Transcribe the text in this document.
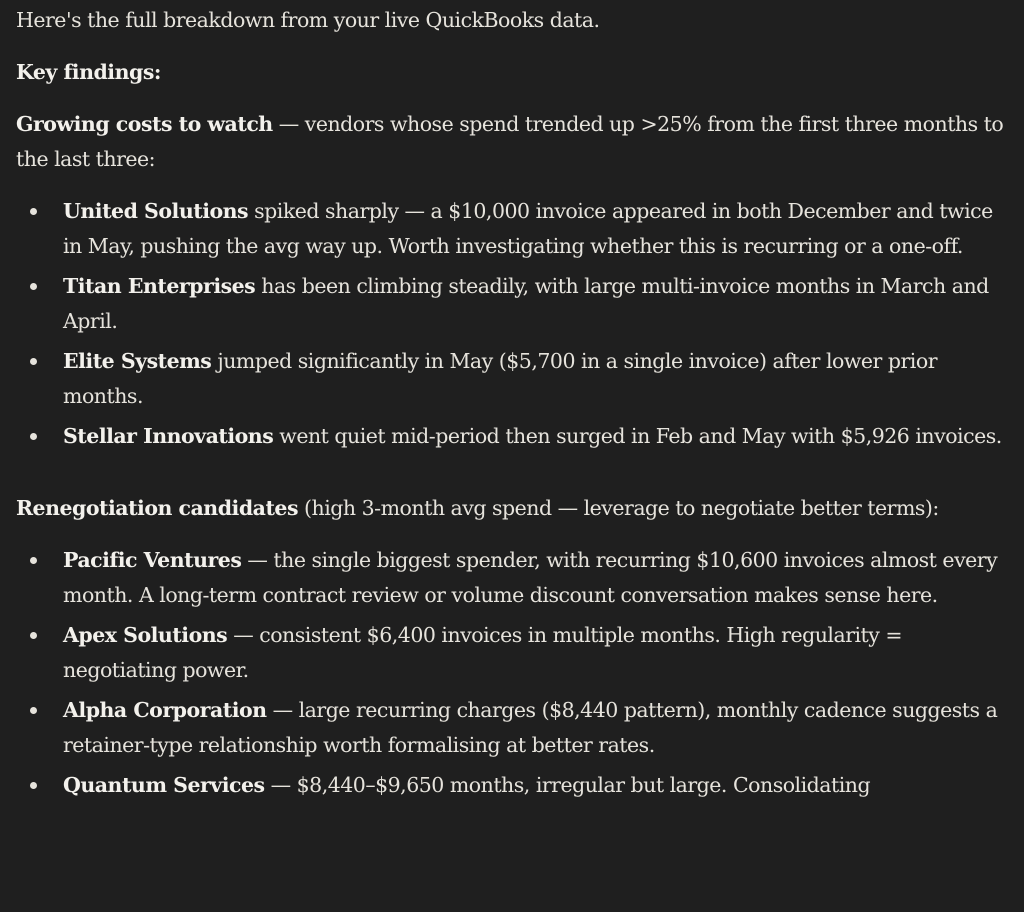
Here's the full breakdown from your live QuickBooks data.

Key findings:

Growing costs to watch — vendors whose spend trended up >25% from the first three months to the last three:

United Solutions spiked sharply — a $10,000 invoice appeared in both December and twice in May, pushing the avg way up. Worth investigating whether this is recurring or a one-off.
Titan Enterprises has been climbing steadily, with large multi-invoice months in March and April.
Elite Systems jumped significantly in May ($5,700 in a single invoice) after lower prior months.
Stellar Innovations went quiet mid-period then surged in Feb and May with $5,926 invoices.

Renegotiation candidates (high 3-month avg spend — leverage to negotiate better terms):

Pacific Ventures — the single biggest spender, with recurring $10,600 invoices almost every month. A long-term contract review or volume discount conversation makes sense here.
Apex Solutions — consistent $6,400 invoices in multiple months. High regularity = negotiating power.
Alpha Corporation — large recurring charges ($8,440 pattern), monthly cadence suggests a retainer-type relationship worth formalising at better rates.
Quantum Services — $8,440–$9,650 months, irregular but large. Consolidating
